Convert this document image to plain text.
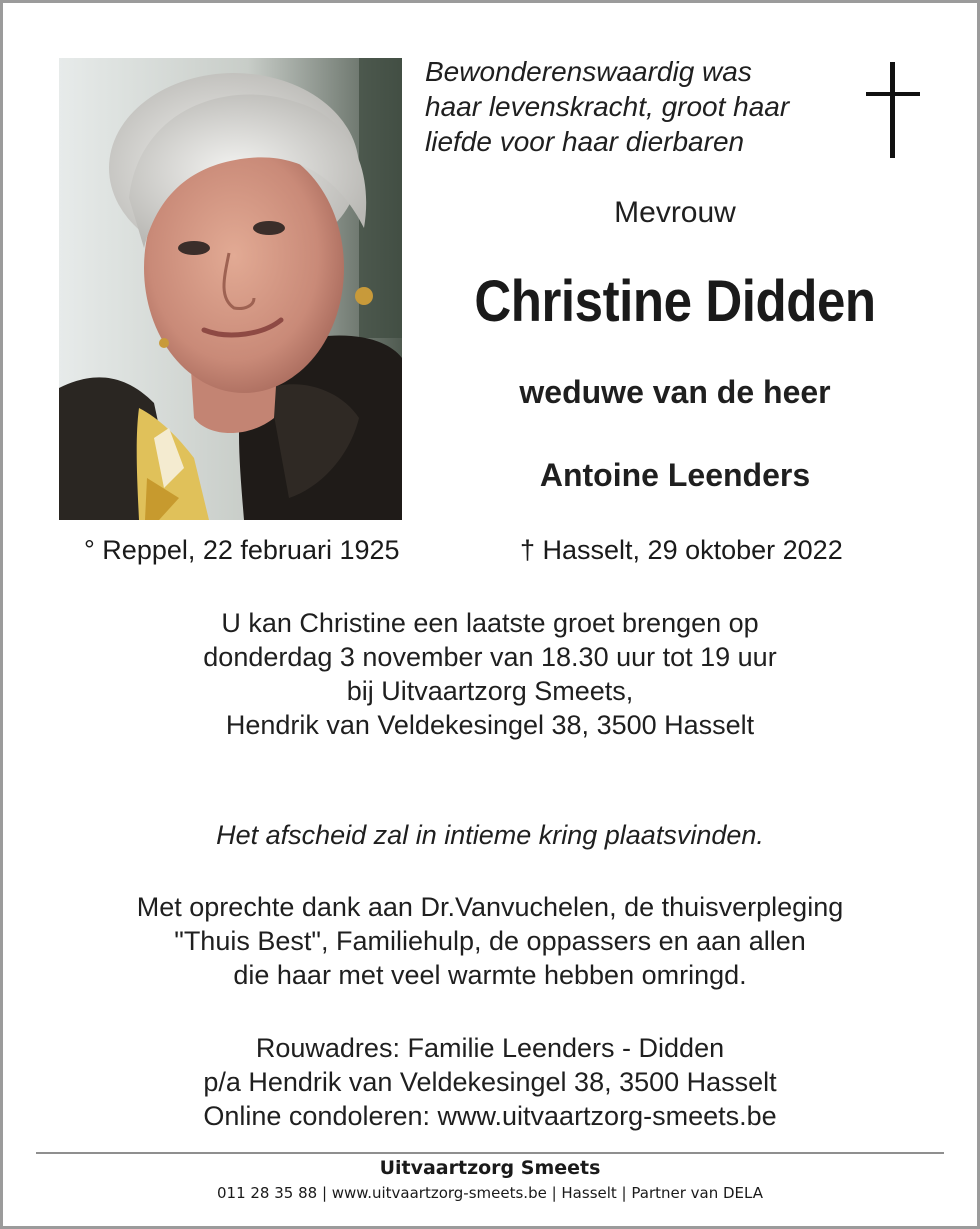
Bewonderenswaardig was
haar levenskracht, groot haar
liefde voor haar dierbaren
Mevrouw
Christine Didden
weduwe van de heer
Antoine Leenders
° Reppel, 22 februari 1925	† Hasselt, 29 oktober 2022
U kan Christine een laatste groet brengen op
donderdag 3 november van 18.30 uur tot 19 uur
bij Uitvaartzorg Smeets,
Hendrik van Veldekesingel 38, 3500 Hasselt
Het afscheid zal in intieme kring plaatsvinden.
Met oprechte dank aan Dr.Vanvuchelen, de thuisverpleging
"Thuis Best", Familiehulp, de oppassers en aan allen
die haar met veel warmte hebben omringd.
Rouwadres: Familie Leenders - Didden
p/a Hendrik van Veldekesingel 38, 3500 Hasselt
Online condoleren: www.uitvaartzorg-smeets.be
Uitvaartzorg Smeets
011 28 35 88 | www.uitvaartzorg-smeets.be | Hasselt | Partner van DELA
